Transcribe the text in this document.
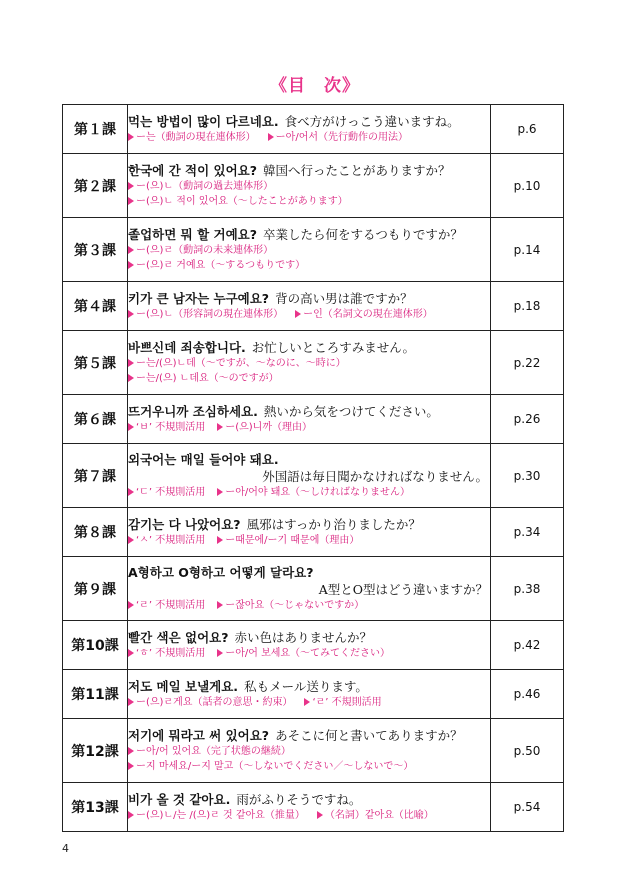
《目　次》
第１課	먹는 방법이 많이 다르네요. 食べ方がけっこう違いますね。
ー는（動詞の現在連体形） ー아/어서（先行動作の用法）	p.6
第２課	한국에 간 적이 있어요? 韓国へ行ったことがありますか？
ー(으)ㄴ（動詞の過去連体形）
ー(으)ㄴ 적이 있어요（～したことがあります）	p.10
第３課	졸업하면 뭐 할 거예요? 卒業したら何をするつもりですか？
ー(으)ㄹ（動詞の未来連体形）
ー(으)ㄹ 거예요（～するつもりです）	p.14
第４課	키가 큰 남자는 누구예요? 背の高い男は誰ですか？
ー(으)ㄴ（形容詞の現在連体形） ー인（名詞文の現在連体形）	p.18
第５課	바쁘신데 죄송합니다. お忙しいところすみません。
ー는/(으)ㄴ데（～ですが、～なのに、～時に）
ー는/(으) ㄴ데요（～のですが）	p.22
第６課	뜨거우니까 조심하세요. 熱いから気をつけてください。
‘ㅂ’ 不規則活用 ー(으)니까（理由）	p.26
第７課	외국어는 매일 들어야 돼요.
外国語は毎日聞かなければなりません。
‘ㄷ’ 不規則活用 ー아/어야 돼요（～しければなりません）	p.30
第８課	감기는 다 나았어요? 風邪はすっかり治りましたか？
‘ㅅ’ 不規則活用 ー때문에/ー기 때문에（理由）	p.34
第９課	A형하고 O형하고 어떻게 달라요?
A型とO型はどう違いますか？
‘ㄹ’ 不規則活用 ー잖아요（～じゃないですか）	p.38
第10課	빨간 색은 없어요? 赤い色はありませんか？
‘ㅎ’ 不規則活用 ー아/어 보세요（～てみてください）	p.42
第11課	저도 메일 보낼게요. 私もメール送ります。
ー(으)ㄹ게요（話者の意思・約束） ‘ㄹ’ 不規則活用	p.46
第12課	저기에 뭐라고 써 있어요? あそこに何と書いてありますか？
ー아/어 있어요（完了状態の継続）
ー지 마세요/ー지 말고（～しないでください／～しないで～）	p.50
第13課	비가 올 것 같아요. 雨がふりそうですね。
ー(으)ㄴ/는 /(으)ㄹ 것 같아요（推量） （名詞）같아요（比喩）	p.54
4
